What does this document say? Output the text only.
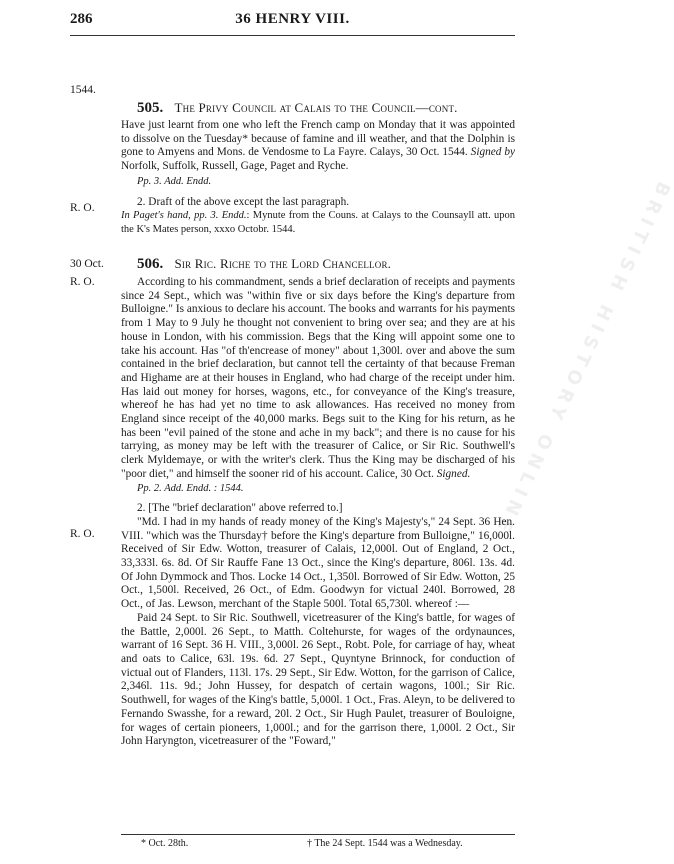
BRITISH HISTORY ONLINE
286	36 HENRY VIII.
1544.
R. O.
30 Oct.
R. O.
R. O.
505. The Privy Council at Calais to the Council—cont.

Have just learnt from one who left the French camp on Monday that it was appointed to dissolve on the Tuesday* because of famine and ill weather, and that the Dolphin is gone to Amyens and Mons. de Vendosme to La Fayre. Calays, 30 Oct. 1544. Signed by Norfolk, Suffolk, Russell, Gage, Paget and Ryche.

Pp. 3. Add. Endd.

2. Draft of the above except the last paragraph.

In Paget's hand, pp. 3. Endd.: Mynute from the Couns. at Calays to the Counsayll att. upon the K's Mates person, xxxo Octobr. 1544.

506. Sir Ric. Riche to the Lord Chancellor.

According to his commandment, sends a brief declaration of receipts and payments since 24 Sept., which was "within five or six days before the King's departure from Bulloigne." Is anxious to declare his account. The books and warrants for his payments from 1 May to 9 July he thought not convenient to bring over sea; and they are at his house in London, with his commission. Begs that the King will appoint some one to take his account. Has "of th'encrease of money" about 1,300l. over and above the sum contained in the brief declaration, but cannot tell the certainty of that because Freman and Highame are at their houses in England, who had charge of the receipt under him. Has laid out money for horses, wagons, etc., for conveyance of the King's treasure, whereof he has had yet no time to ask allowances. Has received no money from England since receipt of the 40,000 marks. Begs suit to the King for his return, as he has been "evil pained of the stone and ache in my back"; and there is no cause for his tarrying, as money may be left with the treasurer of Calice, or Sir Ric. Southwell's clerk Myldemaye, or with the writer's clerk. Thus the King may be discharged of his "poor diet," and himself the sooner rid of his account. Calice, 30 Oct. Signed.

Pp. 2. Add. Endd. : 1544.

2. [The "brief declaration" above referred to.]

"Md. I had in my hands of ready money of the King's Majesty's," 24 Sept. 36 Hen. VIII. "which was the Thursday† before the King's departure from Bulloigne," 16,000l. Received of Sir Edw. Wotton, treasurer of Calais, 12,000l. Out of England, 2 Oct., 33,333l. 6s. 8d. Of Sir Rauffe Fane 13 Oct., since the King's departure, 806l. 13s. 4d. Of John Dymmock and Thos. Locke 14 Oct., 1,350l. Borrowed of Sir Edw. Wotton, 25 Oct., 1,500l. Received, 26 Oct., of Edm. Goodwyn for victual 240l. Borrowed, 28 Oct., of Jas. Lewson, merchant of the Staple 500l. Total 65,730l. whereof :—

Paid 24 Sept. to Sir Ric. Southwell, vicetreasurer of the King's battle, for wages of the Battle, 2,000l. 26 Sept., to Matth. Coltehurste, for wages of the ordynaunces, warrant of 16 Sept. 36 H. VIII., 3,000l. 26 Sept., Robt. Pole, for carriage of hay, wheat and oats to Calice, 63l. 19s. 6d. 27 Sept., Quyntyne Brinnock, for conduction of victual out of Flanders, 113l. 17s. 29 Sept., Sir Edw. Wotton, for the garrison of Calice, 2,346l. 11s. 9d.; John Hussey, for despatch of certain wagons, 100l.; Sir Ric. Southwell, for wages of the King's battle, 5,000l. 1 Oct., Fras. Aleyn, to be delivered to Fernando Swasshe, for a reward, 20l. 2 Oct., Sir Hugh Paulet, treasurer of Bouloigne, for wages of certain pioneers, 1,000l.; and for the garrison there, 1,000l. 2 Oct., Sir John Haryngton, vicetreasurer of the "Foward,"

* Oct. 28th.	† The 24 Sept. 1544 was a Wednesday.
